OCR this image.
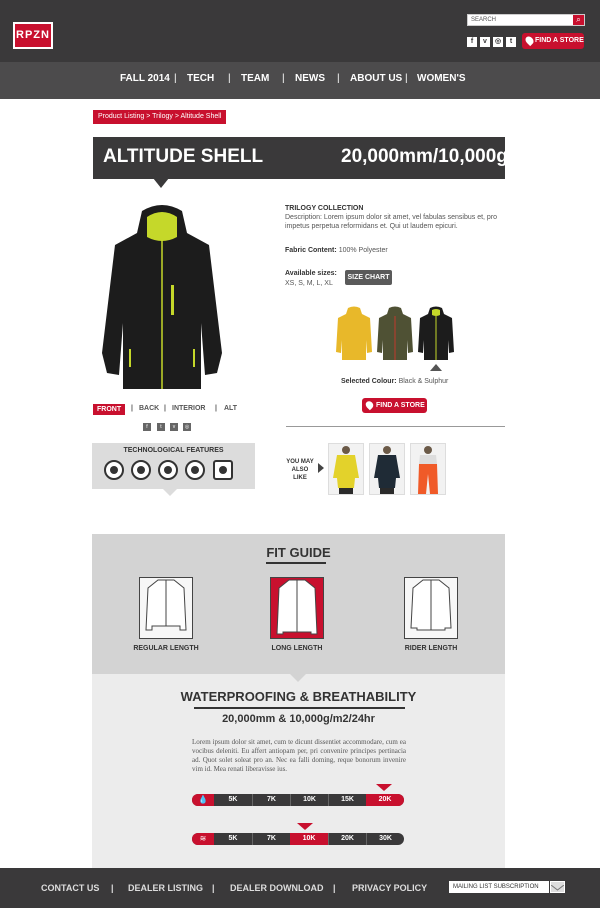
RPZN
SEARCH	⌕
f	v	◎	t	FIND A STORE
FALL 2014 | TECH | TEAM | NEWS | ABOUT US | WOMEN'S
Product Listing > Trilogy > Altitude Shell
ALTITUDE SHELL	20,000mm/10,000g
FRONT	| BACK | INTERIOR | ALT
f	t	v	◎
TECHNOLOGICAL FEATURES
TRILOGY COLLECTION
Description: Lorem ipsum dolor sit amet, vel fabulas sensibus et, pro impetus perpetua reformidans et. Qui ut laudem epicuri.
Fabric Content: 100% Polyester
Available sizes:
XS, S, M, L, XL
SIZE CHART
Selected Colour: Black & Sulphur
FIND A STORE
YOU MAY ALSO LIKE
FIT GUIDE
REGULAR LENGTH	LONG LENGTH	RIDER LENGTH
WATERPROOFING & BREATHABILITY
20,000mm & 10,000g/m2/24hr
Lorem ipsum dolor sit amet, cum te dicunt dissentiet accommodare, cum ea vocibus deleniti. Eu affert antiopam per, pri convenire principes pertinacia ad. Quot solet soleat pro an. Nec ea falli doming, reque bonorum invenire vim id. Mea renati liberavisse ius.
💧	5K	7K	10K	15K	20K
≋	5K	7K	10K	20K	30K
CONTACT US | DEALER LISTING | DEALER DOWNLOAD | PRIVACY POLICY	MAILING LIST SUBSCRIPTION
